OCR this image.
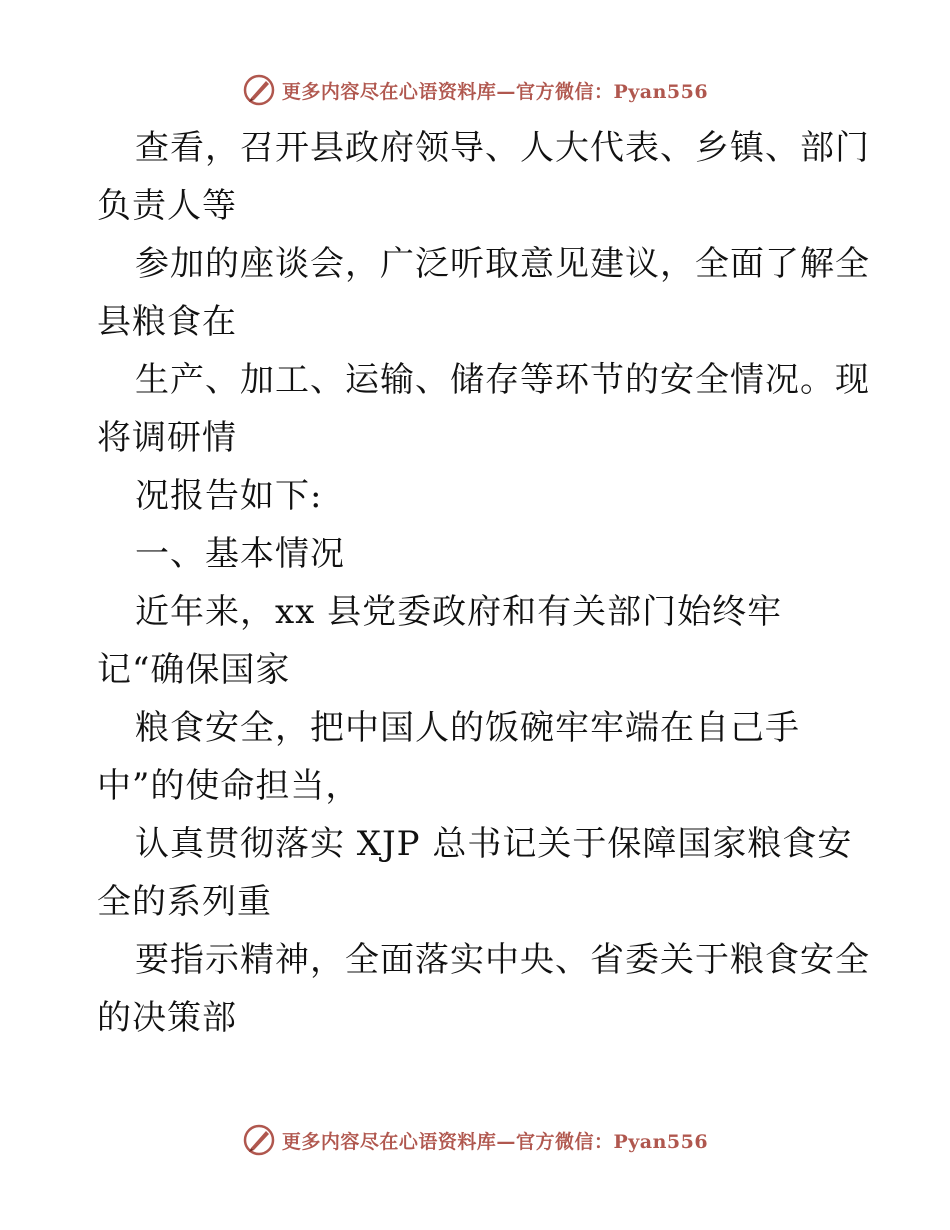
更多内容尽在心语资料库— 官方微信：Pyan556
查看，召开县政府领导、人大代表、乡镇、部门
负责人等
参加的座谈会，广泛听取意见建议，全面了解全
县粮食在
生产、加工、运输、储存等环节的安全情况。现
将调研情
况报告如下:
一、基本情况
近年来，xx 县党委政府和有关部门始终牢
记“确保国家
粮食安全，把中国人的饭碗牢牢端在自己手
中”的使命担当，
认真贯彻落实 XJP 总书记关于保障国家粮食安
全的系列重
要指示精神，全面落实中央、省委关于粮食安全
的决策部
更多内容尽在心语资料库— 官方微信：Pyan556
